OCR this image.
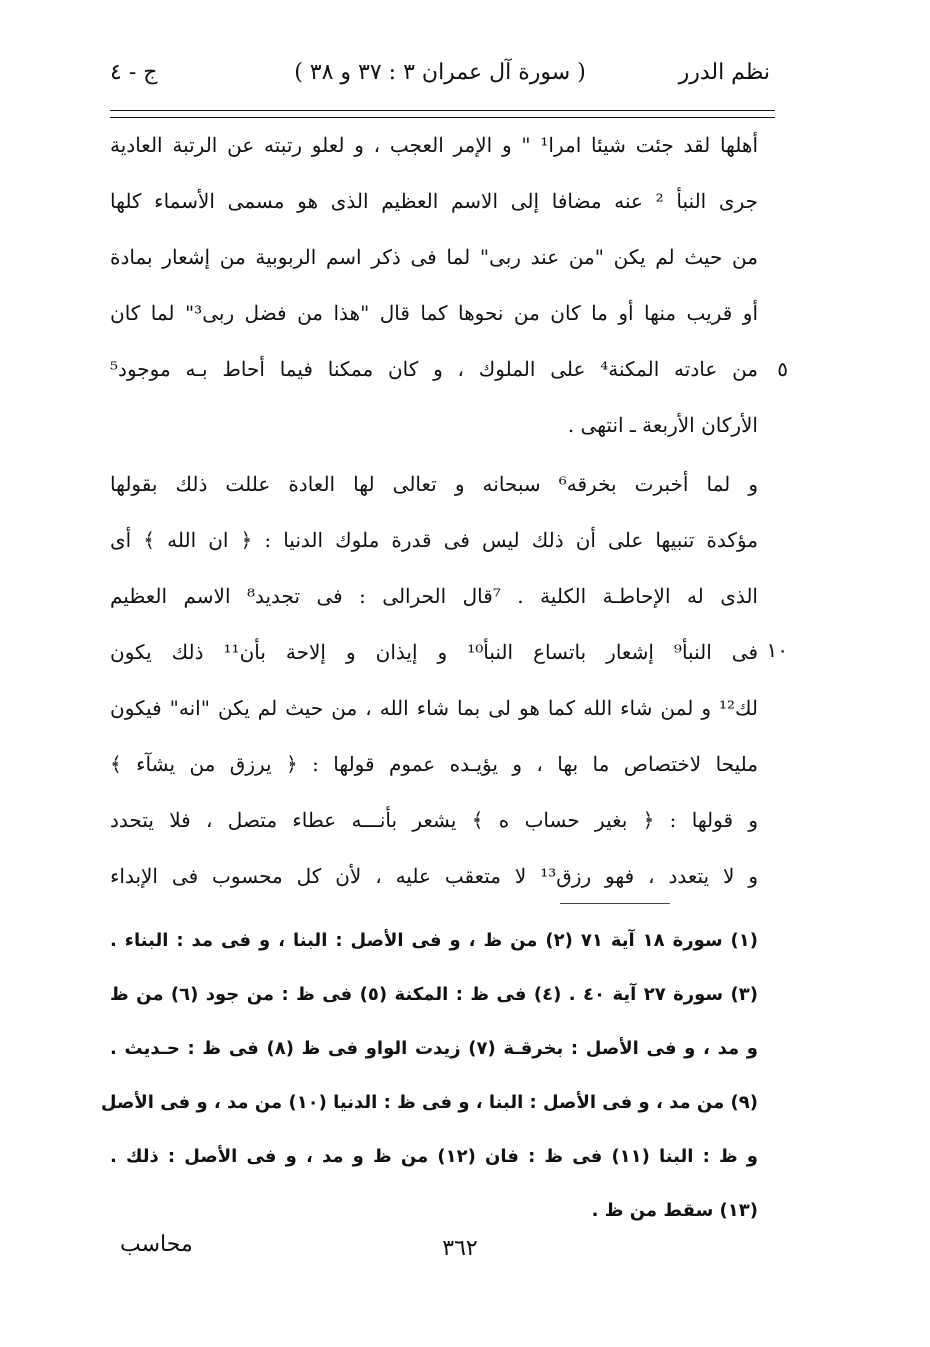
نظم الدرر
( سورة آل عمران ٣ : ٣٧ و ٣٨ )
ج - ٤

أهلها لقد جئت شيئا امرا¹ " و الإمر العجب ، و لعلو رتبته عن الرتبة العادية

جرى النبأ ² عنه مضافا إلى الاسم العظيم الذى هو مسمى الأسماء كلها

من حيث لم يكن "من عند ربى" لما فى ذكر اسم الربوبية من إشعار بمادة

أو قريب منها أو ما كان من نحوها كما قال "هذا من فضل ربى³" لما كان

من عادته المكنة⁴ على الملوك ، و كان ممكنا فيما أحاط بـه موجود⁵

الأركان الأربعة ـ انتهى .

٥

و لما أخبرت بخرقه⁶ سبحانه و تعالى لها العادة عللت ذلك بقولها

مؤكدة تنبيها على أن ذلك ليس فى قدرة ملوك الدنيا : ﴿ ان الله ﴾ أى

الذى له الإحاطـة الكلية . ⁷قال الحرالى : فى تجديد⁸ الاسم العظيم

فى النبأ⁹ إشعار باتساع النبأ¹⁰ و إيذان و إلاحة بأن¹¹ ذلك يكون

لك¹² و لمن شاء الله كما هو لى بما شاء الله ، من حيث لم يكن "انه" فيكون

مليحا لاختصاص ما بها ، و يؤيـده عموم قولها : ﴿ يرزق من يشآء ﴾

و قولها : ﴿ بغير حساب ه ﴾ يشعر بأنـــه عطاء متصل ، فلا يتحدد

و لا يتعدد ، فهو رزق¹³ لا متعقب عليه ، لأن كل محسوب فى الإبداء

١٠

(١) سورة ١٨ آية ٧١ (٢) من ظ ، و فى الأصل : البنا ، و فى مد : البناء .

(٣) سورة ٢٧ آية ٤٠ . (٤) فى ظ : المكنة (٥) فى ظ : من جود (٦) من ظ

و مد ، و فى الأصل : بخرقـة (٧) زيدت الواو فى ظ (٨) فى ظ : حـديث .

(٩) من مد ، و فى الأصل : البنا ، و فى ظ : الدنيا (١٠) من مد ، و فى الأصل

و ظ : البنا (١١) فى ظ : فان (١٢) من ظ و مد ، و فى الأصل : ذلك .

(١٣) سقط من ظ .

٣٦٢
محاسب
